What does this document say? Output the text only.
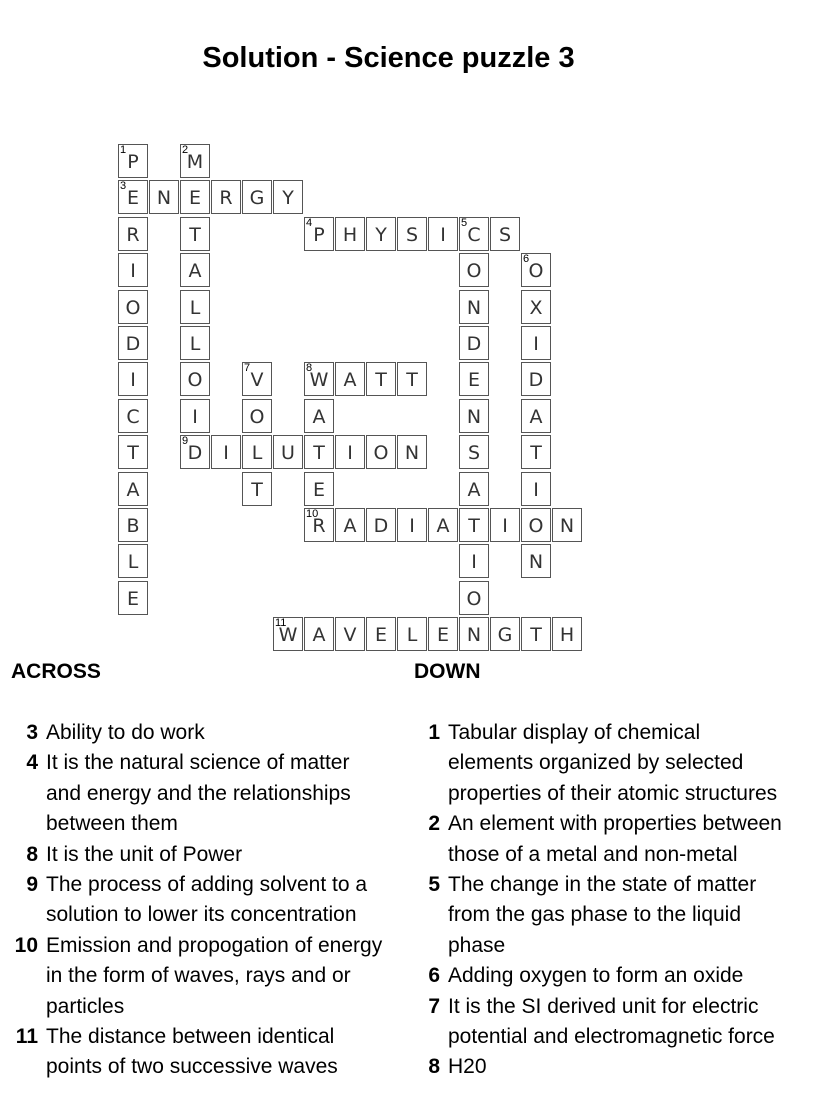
Solution - Science puzzle 3
1
P
2
M
3
E N E R G Y
R	T
4
P H Y	S	I
5
C S
I	A	O
6
O
O	L	N	X
D	L	D	I
I	O
7
V
8
W A T	T	E	D
C	I	O	A	N	A
T
9
D	I	L U T	I	O N	S	T
A	T	E	A	I
B
10
R A D	I	A T	I	O N
L	I	N
E	O
11
W A V E	L	E N G T H
ACROSS	DOWN
3 Ability to do work
4 It is the natural science of matter
and energy and the relationships
between them
8 It is the unit of Power
9 The process of adding solvent to a
solution to lower its concentration
10 Emission and propogation of energy
in the form of waves, rays and or
particles
11 The distance between identical
points of two successive waves
1 Tabular display of chemical
elements organized by selected
properties of their atomic structures
2 An element with properties between
those of a metal and non-metal
5 The change in the state of matter
from the gas phase to the liquid
phase
6 Adding oxygen to form an oxide
7 It is the SI derived unit for electric
potential and electromagnetic force
8 H20
